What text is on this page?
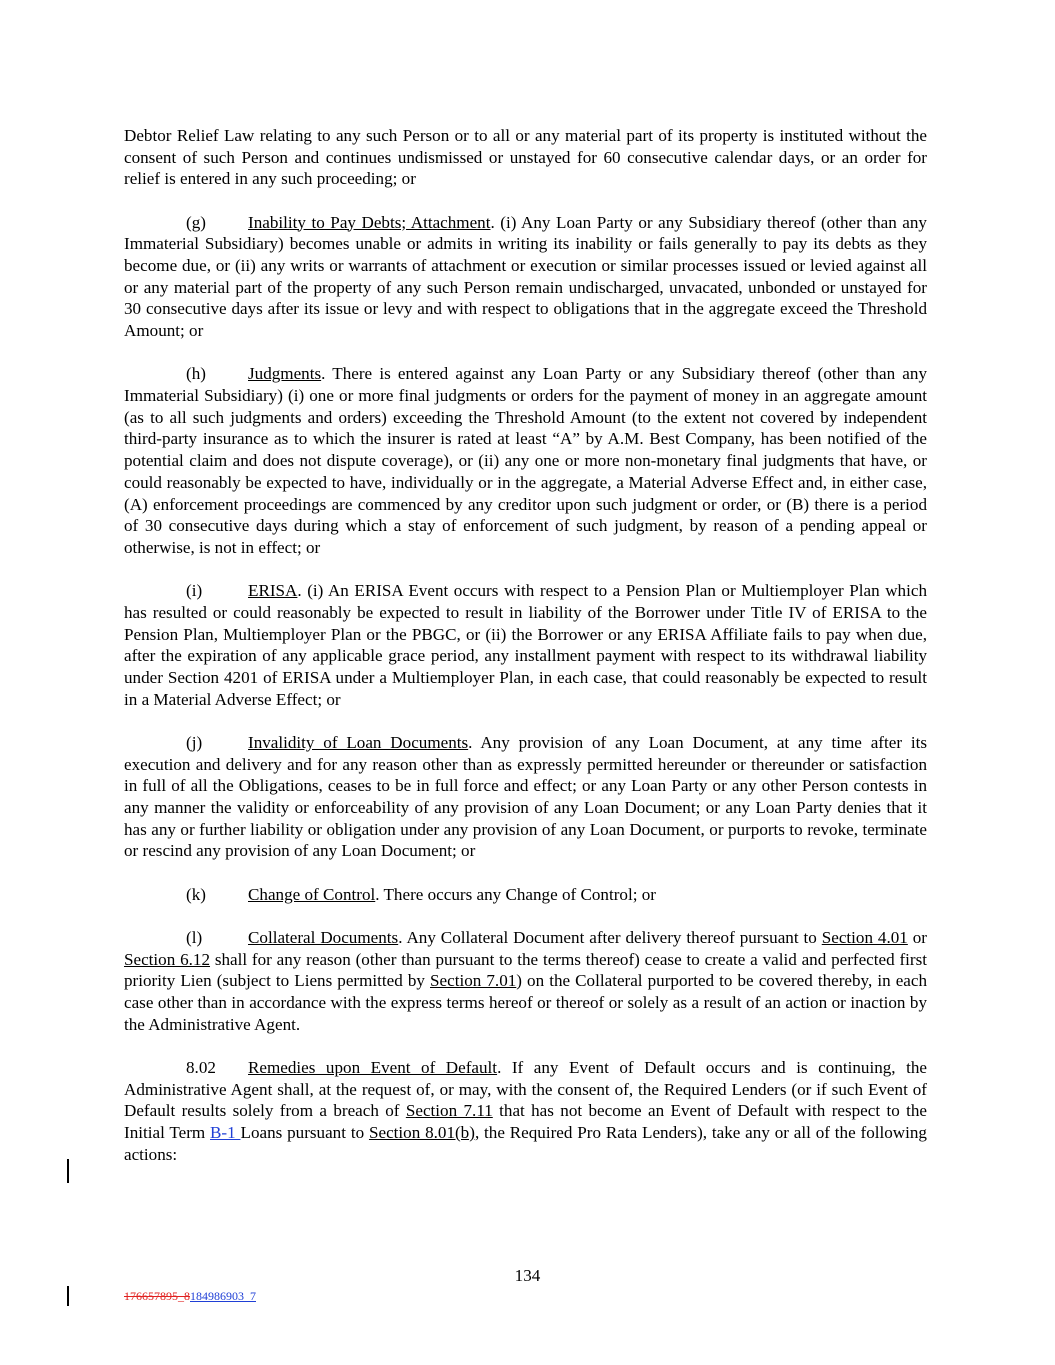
Debtor Relief Law relating to any such Person or to all or any material part of its property is instituted without the consent of such Person and continues undismissed or unstayed for 60 consecutive calendar days, or an order for relief is entered in any such proceeding; or

(g) Inability to Pay Debts; Attachment. (i) Any Loan Party or any Subsidiary thereof (other than any Immaterial Subsidiary) becomes unable or admits in writing its inability or fails generally to pay its debts as they become due, or (ii) any writs or warrants of attachment or execution or similar processes issued or levied against all or any material part of the property of any such Person remain undischarged, unvacated, unbonded or unstayed for 30 consecutive days after its issue or levy and with respect to obligations that in the aggregate exceed the Threshold Amount; or

(h) Judgments. There is entered against any Loan Party or any Subsidiary thereof (other than any Immaterial Subsidiary) (i) one or more final judgments or orders for the payment of money in an aggregate amount (as to all such judgments and orders) exceeding the Threshold Amount (to the extent not covered by independent third-party insurance as to which the insurer is rated at least “A” by A.M. Best Company, has been notified of the potential claim and does not dispute coverage), or (ii) any one or more non-monetary final judgments that have, or could reasonably be expected to have, individually or in the aggregate, a Material Adverse Effect and, in either case, (A) enforcement proceedings are commenced by any creditor upon such judgment or order, or (B) there is a period of 30 consecutive days during which a stay of enforcement of such judgment, by reason of a pending appeal or otherwise, is not in effect; or

(i)	ERISA. (i) An ERISA Event occurs with respect to a Pension Plan or Multiemployer Plan which has resulted or could reasonably be expected to result in liability of the Borrower under Title IV of ERISA to the Pension Plan, Multiemployer Plan or the PBGC, or (ii) the Borrower or any ERISA Affiliate fails to pay when due, after the expiration of any applicable grace period, any installment payment with respect to its withdrawal liability under Section 4201 of ERISA under a Multiemployer Plan, in each case, that could reasonably be expected to result in a Material Adverse Effect; or

(j)	Invalidity of Loan Documents. Any provision of any Loan Document, at any time after its execution and delivery and for any reason other than as expressly permitted hereunder or thereunder or satisfaction in full of all the Obligations, ceases to be in full force and effect; or any Loan Party or any other Person contests in any manner the validity or enforceability of any provision of any Loan Document; or any Loan Party denies that it has any or further liability or obligation under any provision of any Loan Document, or purports to revoke, terminate or rescind any provision of any Loan Document; or

(k) Change of Control. There occurs any Change of Control; or

(l)	Collateral Documents. Any Collateral Document after delivery thereof pursuant to Section 4.01 or Section 6.12 shall for any reason (other than pursuant to the terms thereof) cease to create a valid and perfected first priority Lien (subject to Liens permitted by Section 7.01) on the Collateral purported to be covered thereby, in each case other than in accordance with the express terms hereof or thereof or solely as a result of an action or inaction by the Administrative Agent.

8.02 Remedies upon Event of Default. If any Event of Default occurs and is continuing, the Administrative Agent shall, at the request of, or may, with the consent of, the Required Lenders (or if such Event of Default results solely from a breach of Section 7.11 that has not become an Event of Default with respect to the Initial Term B-1 Loans pursuant to Section 8.01(b), the Required Pro Rata Lenders), take any or all of the following actions:

134
176657895_8184986903_7
